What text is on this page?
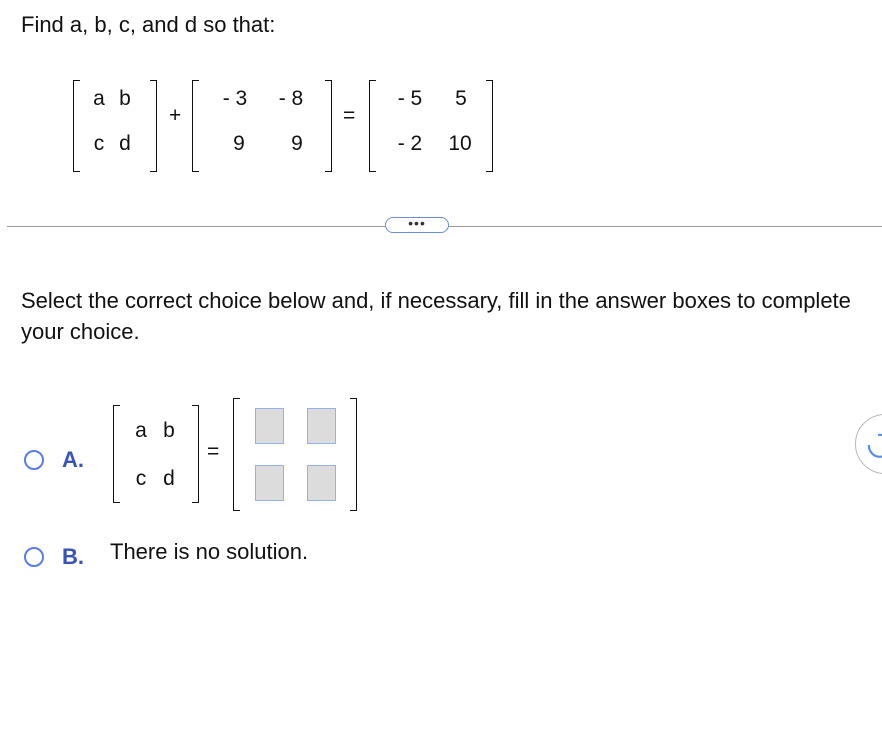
Find a, b, c, and d so that:
a b
c d
+
- 3	- 8
9	9
=
- 5	5
- 2	10
•••
Select the correct choice below and, if necessary, fill in the answer boxes to complete your choice.
A.
a b
c d
=
B. There is no solution.
